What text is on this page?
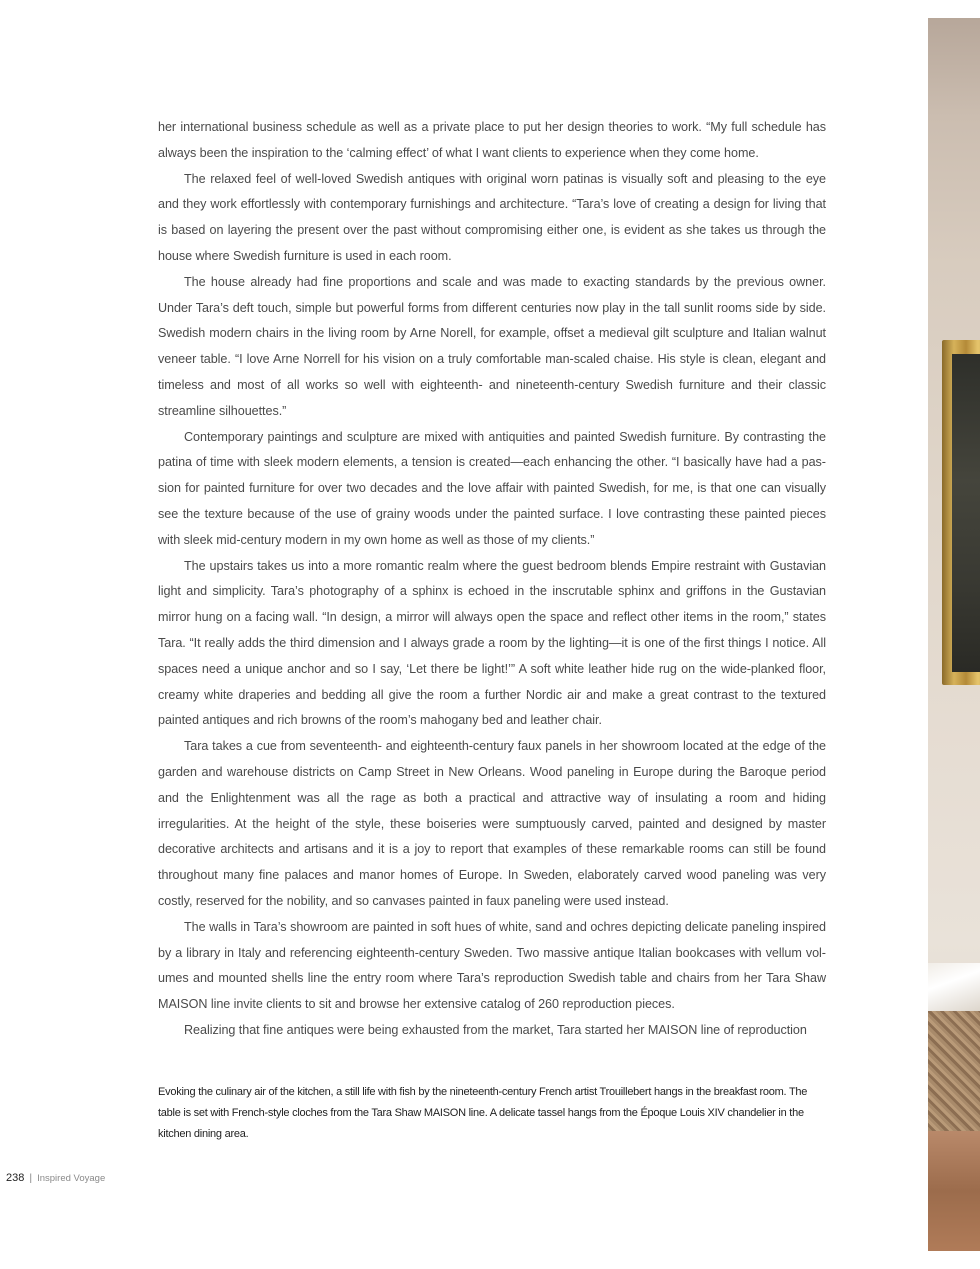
her international business schedule as well as a private place to put her design theories to work. “My full schedule has always been the inspiration to the ‘calming effect’ of what I want clients to experience when they come home.

The relaxed feel of well-loved Swedish antiques with original worn patinas is visually soft and pleasing to the eye and they work effortlessly with contemporary furnishings and architecture. “Tara’s love of creating a design for living that is based on layering the present over the past without compromising either one, is evident as she takes us through the house where Swedish furniture is used in each room.

The house already had fine proportions and scale and was made to exacting standards by the previous owner. Under Tara’s deft touch, simple but powerful forms from different centuries now play in the tall sunlit rooms side by side. Swedish modern chairs in the living room by Arne Norell, for example, offset a medieval gilt sculpture and Italian walnut veneer table. “I love Arne Norrell for his vision on a truly comfortable man-scaled chaise. His style is clean, elegant and timeless and most of all works so well with eighteenth- and nineteenth-century Swedish furniture and their classic streamline silhouettes.”

Contemporary paintings and sculpture are mixed with antiquities and painted Swedish furniture. By contrasting the patina of time with sleek modern elements, a tension is created—each enhancing the other. “I basically have had a passion for painted furniture for over two decades and the love affair with painted Swedish, for me, is that one can visually see the texture because of the use of grainy woods under the painted surface. I love contrasting these painted pieces with sleek mid-century modern in my own home as well as those of my clients.”

The upstairs takes us into a more romantic realm where the guest bedroom blends Empire restraint with Gustavian light and simplicity. Tara’s photography of a sphinx is echoed in the inscrutable sphinx and griffons in the Gustavian mirror hung on a facing wall. “In design, a mirror will always open the space and reflect other items in the room,” states Tara. “It really adds the third dimension and I always grade a room by the lighting—it is one of the first things I notice. All spaces need a unique anchor and so I say, ‘Let there be light!’” A soft white leather hide rug on the wide-planked floor, creamy white draperies and bedding all give the room a further Nordic air and make a great contrast to the textured painted antiques and rich browns of the room’s mahogany bed and leather chair.

Tara takes a cue from seventeenth- and eighteenth-century faux panels in her showroom located at the edge of the garden and warehouse districts on Camp Street in New Orleans. Wood paneling in Europe during the Baroque period and the Enlightenment was all the rage as both a practical and attractive way of insulating a room and hiding irregularities. At the height of the style, these boiseries were sumptuously carved, painted and designed by master decorative architects and artisans and it is a joy to report that examples of these remarkable rooms can still be found throughout many fine palaces and manor homes of Europe. In Sweden, elaborately carved wood paneling was very costly, reserved for the nobility, and so canvases painted in faux paneling were used instead.

The walls in Tara’s showroom are painted in soft hues of white, sand and ochres depicting delicate paneling inspired by a library in Italy and referencing eighteenth-century Sweden. Two massive antique Italian bookcases with vellum volumes and mounted shells line the entry room where Tara’s reproduction Swedish table and chairs from her Tara Shaw MAISON line invite clients to sit and browse her extensive catalog of 260 reproduction pieces.

Realizing that fine antiques were being exhausted from the market, Tara started her MAISON line of reproduction

Evoking the culinary air of the kitchen, a still life with fish by the nineteenth-century French artist Trouillebert hangs in the breakfast room. The table is set with French-style cloches from the Tara Shaw MAISON line. A delicate tassel hangs from the Époque Louis XIV chandelier in the kitchen dining area.
238 | Inspired Voyage
